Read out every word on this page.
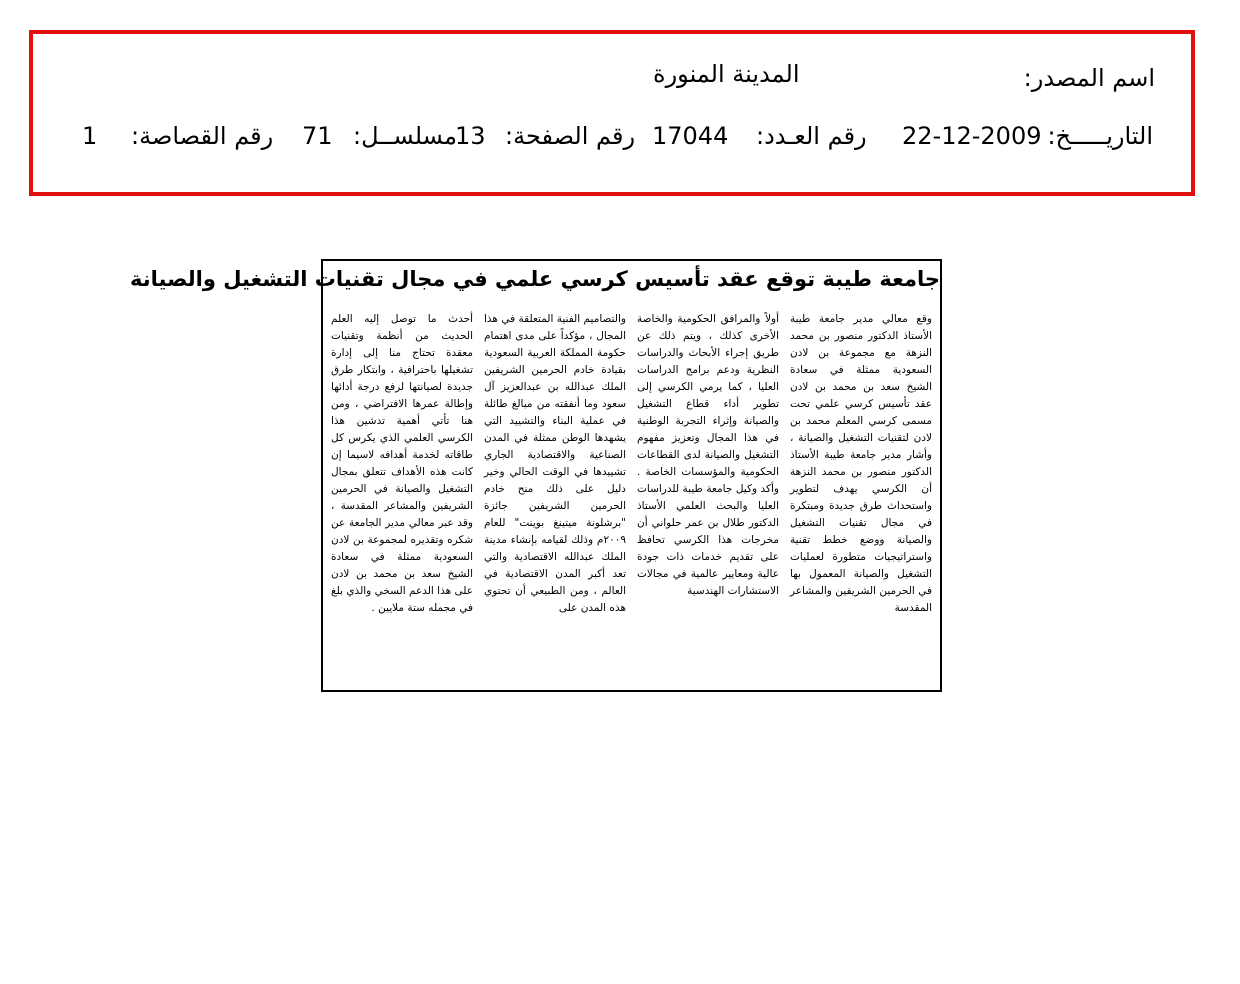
اسم المصدر:
المدينة المنورة
التاريـــــخ:
22-12-2009
رقم العـدد:
17044
رقم الصفحة:
13
مسلســل:
71
رقم القصاصة:
1
جامعة طيبة توقع عقد تأسيس كرسي علمي في مجال تقنيات التشغيل والصيانة
وقع معالي مدير جامعة طيبة الأستاذ الدكتور منصور بن محمد النزهة مع مجموعة بن لادن السعودية ممثلة في سعادة الشيخ سعد بن محمد بن لادن عقد تأسيس كرسي علمي تحت مسمى كرسي المعلم محمد بن لادن لتقنيات التشغيل والصيانة ، وأشار مدير جامعة طيبة الأستاذ الدكتور منصور بن محمد النزهة أن الكرسي يهدف لتطوير واستحداث طرق جديدة ومبتكرة في مجال تقنيات التشغيل والصيانة ووضع خطط تقنية واستراتيجيات متطورة لعمليات التشغيل والصيانة المعمول بها في الحرمين الشريفين والمشاعر المقدسة
أولاً والمرافق الحكومية والخاصة الأخرى كذلك ، ويتم ذلك عن طريق إجراء الأبحاث والدراسات النظرية ودعم برامج الدراسات العليا ، كما يرمي الكرسي إلى تطوير أداء قطاع التشغيل والصيانة وإثراء التجربة الوطنية في هذا المجال وتعزيز مفهوم التشغيل والصيانة لدى القطاعات الحكومية والمؤسسات الخاصة . وأكد وكيل جامعة طيبة للدراسات العليا والبحث العلمي الأستاذ الدكتور طلال بن عمر حلواني أن مخرجات هذا الكرسي تحافظ على تقديم خدمات ذات جودة عالية ومعايير عالمية في مجالات الاستشارات الهندسية
والتصاميم الفنية المتعلقة في هذا المجال ، مؤكداً على مدى اهتمام حكومة المملكة العربية السعودية بقيادة خادم الحرمين الشريفين الملك عبدالله بن عبدالعزيز آل سعود وما أنفقته من مبالغ طائلة في عملية البناء والتشييد التي يشهدها الوطن ممثلة في المدن الصناعية والاقتصادية الجاري تشييدها في الوقت الحالي وخير دليل على ذلك منح خادم الحرمين الشريفين جائزة "برشلونة ميتينغ بوينت" للعام ٢٠٠٩م وذلك لقيامه بإنشاء مدينة الملك عبدالله الاقتصادية والتي تعد أكبر المدن الاقتصادية في العالم ، ومن الطبيعي أن تحتوي هذه المدن على
أحدث ما توصل إليه العلم الحديث من أنظمة وتقنيات معقدة تحتاج منا إلى إدارة تشغيلها باحترافية ، وابتكار طرق جديدة لصيانتها لرفع درجة أدائها وإطالة عمرها الافتراضي ، ومن هنا تأتي أهمية تدشين هذا الكرسي العلمي الذي يكرس كل طاقاته لخدمة أهدافه لاسيما إن كانت هذه الأهداف تتعلق بمجال التشغيل والصيانة في الحرمين الشريفين والمشاعر المقدسة ، وقد عبر معالي مدير الجامعة عن شكره وتقديره لمجموعة بن لادن السعودية ممثلة في سعادة الشيخ سعد بن محمد بن لادن على هذا الدعم السخي والذي بلغ في مجمله ستة ملايين .
